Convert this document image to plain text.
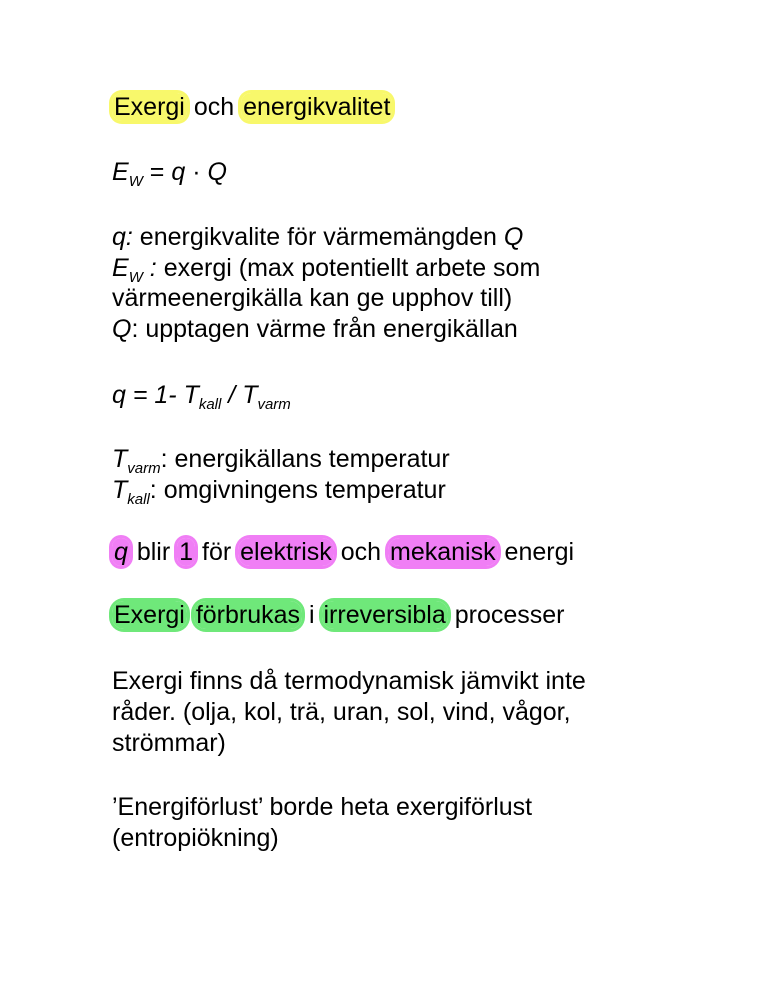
Exergi och energikvalitet
$E_W = q \cdot Q$
q: energikvalite för värmemängden Q
$E_W$ : exergi (max potentiellt arbete som
värmeenergikälla kan ge upphov till)
Q: upptagen värme från energikällan
q = 1- $T_{kall} / T_{varm}$
$T_{varm}$: energikällans temperatur
$T_{kall}$: omgivningens temperatur
q blir 1 för elektrisk och mekanisk energi
Exergi förbrukas i irreversibla processer
Exergi finns då termodynamisk jämvikt inte
råder. (olja, kol, trä, uran, sol, vind, vågor,
strömmar)
’Energiförlust’ borde heta exergiförlust
(entropiökning)
